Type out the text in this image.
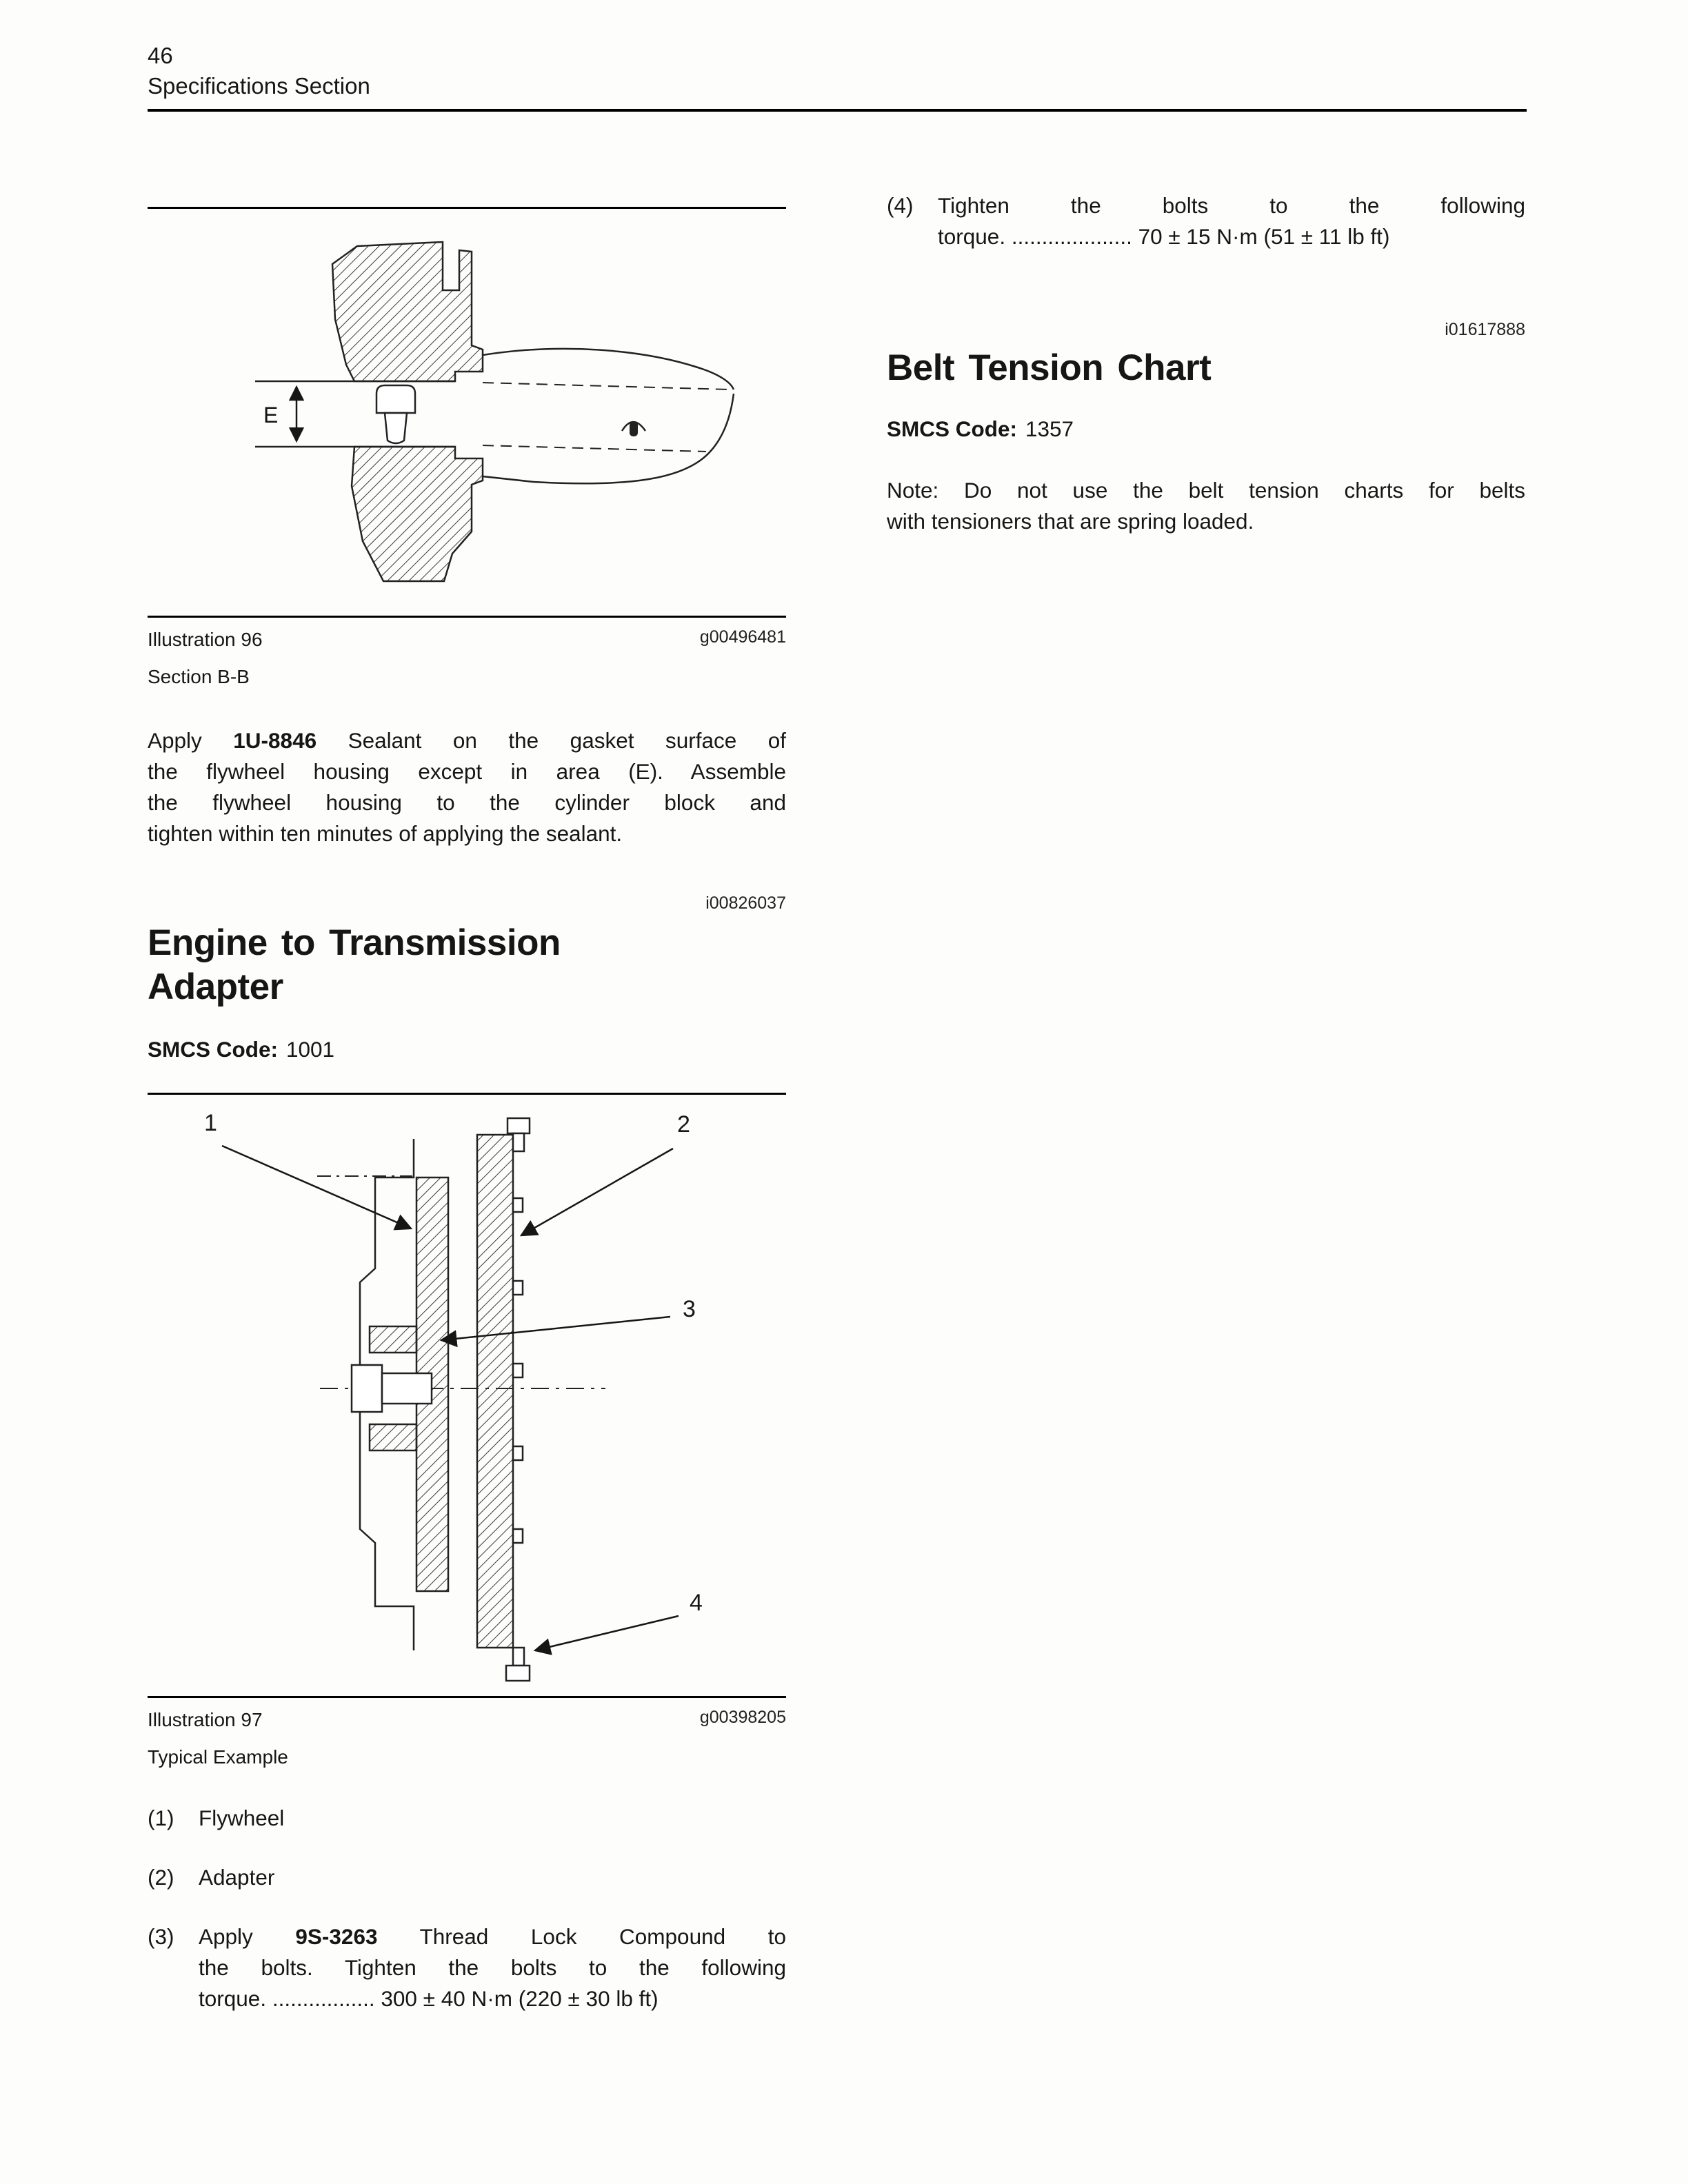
46
Specifications Section
E
Illustration 96	g00496481
Section B-B

Apply 1U-8846 Sealant on the gasket surface of
the flywheel housing except in area (E). Assemble
the flywheel housing to the cylinder block and
tighten within ten minutes of applying the sealant.

i00826037
Engine to Transmission
Adapter

SMCS Code: 1001

1	2
3
4
Illustration 97	g00398205
Typical Example
(1)	Flywheel
(2)	Adapter
(3)	Apply 9S-3263 Thread Lock Compound to
the bolts. Tighten the bolts to the following
torque. ................. 300 ± 40 N·m (220 ± 30 lb ft)
(4)	Tighten the bolts to the following
torque. .................... 70 ± 15 N·m (51 ± 11 lb ft)
i01617888
Belt Tension Chart

SMCS Code: 1357

Note: Do not use the belt tension charts for belts
with tensioners that are spring loaded.
